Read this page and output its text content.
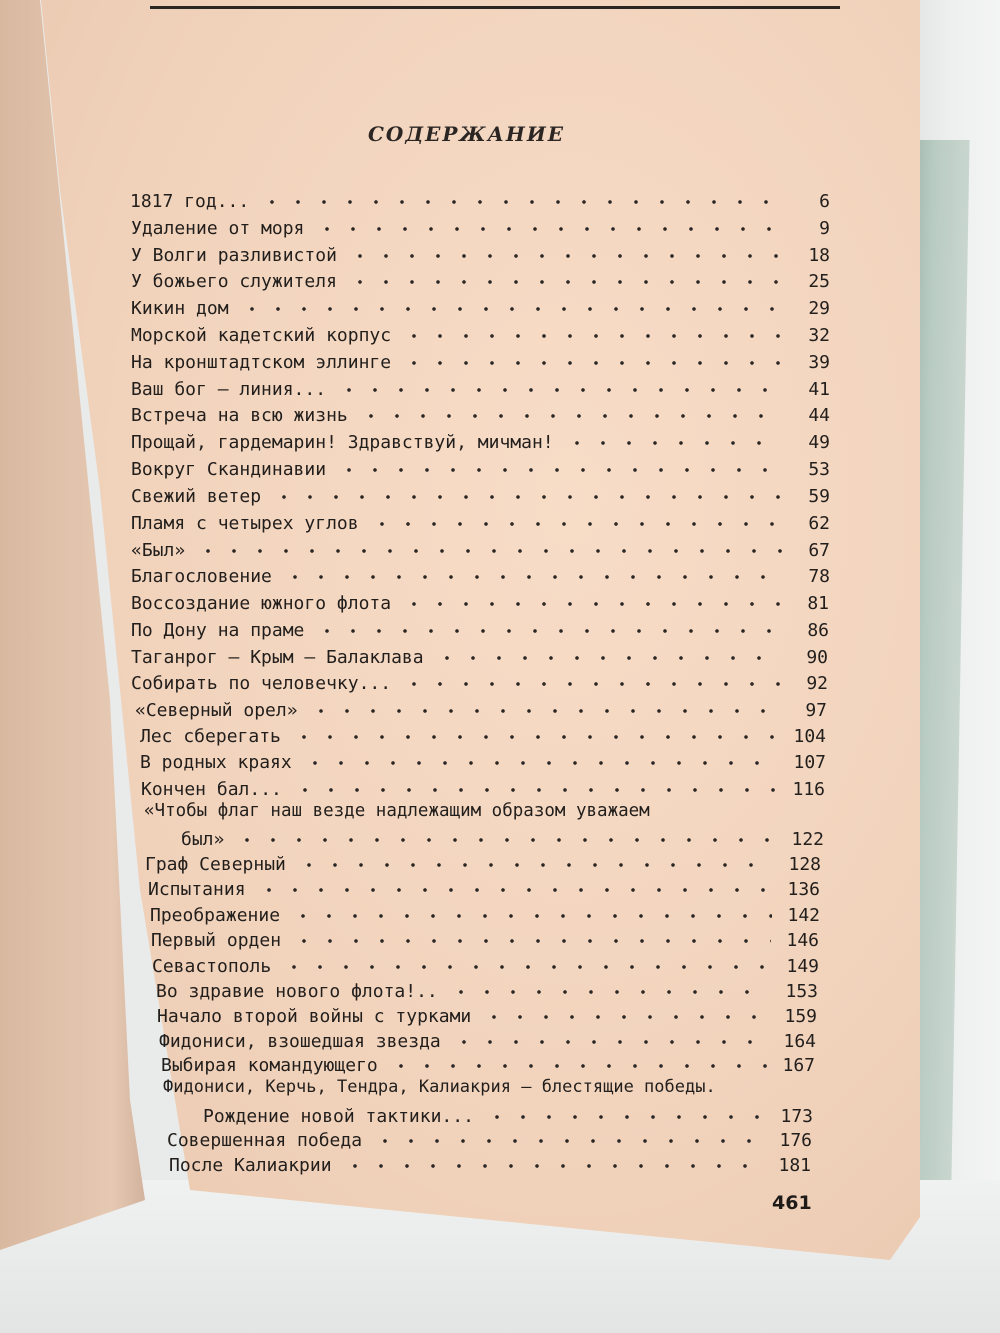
СОДЕРЖАНИЕ
1817 год...	6
Удаление от моря	9
У Волги разливистой	18
У божьего служителя	25
Кикин дом	29
Морской кадетский корпус	32
На кронштадтском эллинге	39
Ваш бог — линия...	41
Встреча на всю жизнь	44
Прощай, гардемарин! Здравствуй, мичман!	49
Вокруг Скандинавии	53
Свежий ветер	59
Пламя с четырех углов	62
«Был»	67
Благословение	78
Воссоздание южного флота	81
По Дону на праме	86
Таганрог — Крым — Балаклава	90
Собирать по человечку...	92
«Северный орел»	97
Лес сберегать	104
В родных краях	107
Кончен бал...	116
«Чтобы флаг наш везде надлежащим образом уважаем
был»	122
Граф Северный	128
Испытания	136
Преображение	142
Первый орден	146
Севастополь	149
Во здравие нового флота!..	153
Начало второй войны с турками	159
Фидониси, взошедшая звезда	164
Выбирая командующего	167
Фидониси, Керчь, Тендра, Калиакрия — блестящие победы.
Рождение новой тактики...	173
Совершенная победа	176
После Калиакрии	181
461
